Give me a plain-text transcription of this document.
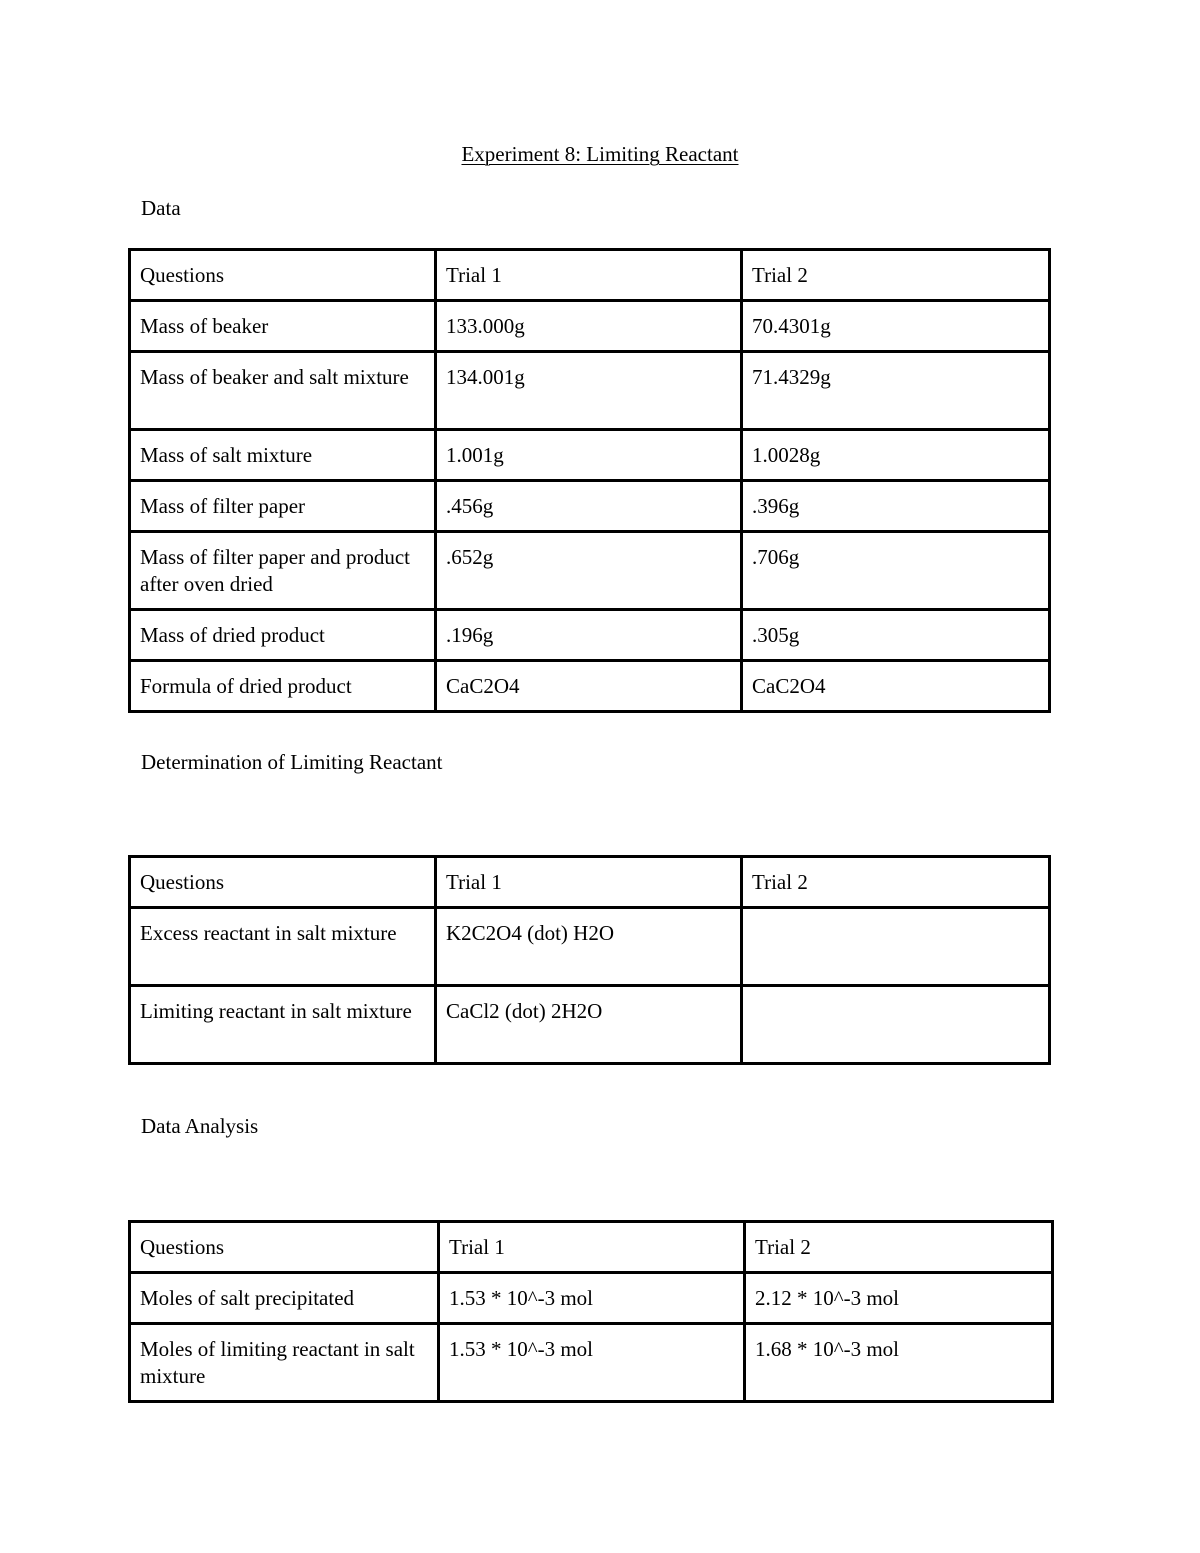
Experiment 8: Limiting Reactant
Data
Questions	Trial 1	Trial 2
Mass of beaker	133.000g	70.4301g
Mass of beaker and salt mixture	134.001g	71.4329g
Mass of salt mixture	1.001g	1.0028g
Mass of filter paper	.456g	.396g
Mass of filter paper and product after oven dried	.652g	.706g
Mass of dried product	.196g	.305g
Formula of dried product	CaC2O4	CaC2O4
Determination of Limiting Reactant
Questions	Trial 1	Trial 2
Excess reactant in salt mixture	K2C2O4 (dot) H2O	
Limiting reactant in salt mixture	CaCl2 (dot) 2H2O	
Data Analysis
Questions	Trial 1	Trial 2
Moles of salt precipitated	1.53 * 10^-3 mol	2.12 * 10^-3 mol
Moles of limiting reactant in salt mixture	1.53 * 10^-3 mol	1.68 * 10^-3 mol
